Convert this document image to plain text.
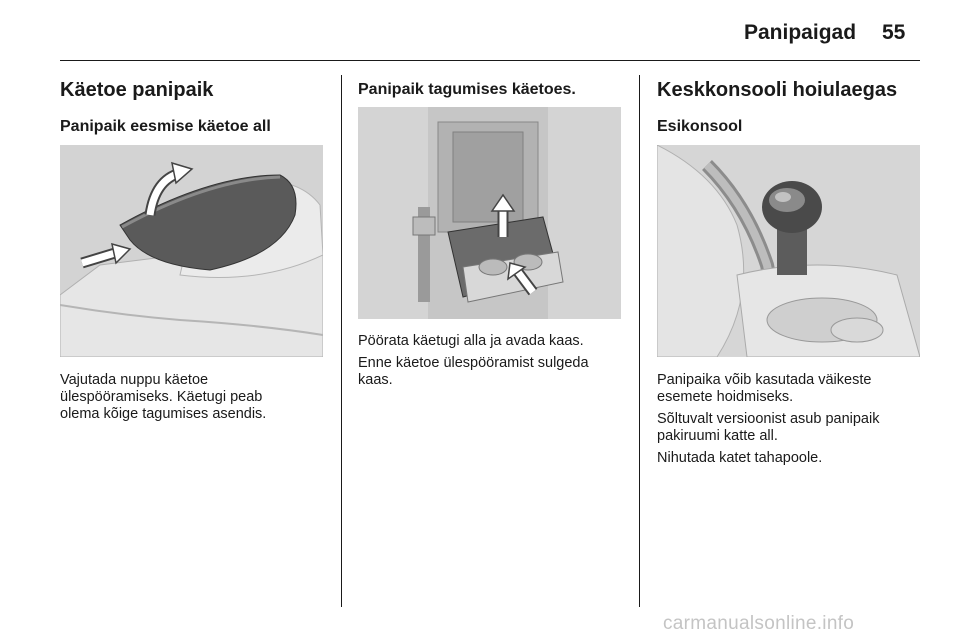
Panipaigad 55
Käetoe panipaik
Panipaik eesmise käetoe all
Vajutada nuppu käetoe
ülespööramiseks. Käetugi peab
olema kõige tagumises asendis.
Panipaik tagumises käetoes.
Pöörata käetugi alla ja avada kaas.
Enne käetoe ülespööramist sulgeda
kaas.
Keskkonsooli hoiulaegas
Esikonsool
Panipaika võib kasutada väikeste
esemete hoidmiseks.
Sõltuvalt versioonist asub panipaik
pakiruumi katte all.
Nihutada katet tahapoole.
carmanualsonline.info
